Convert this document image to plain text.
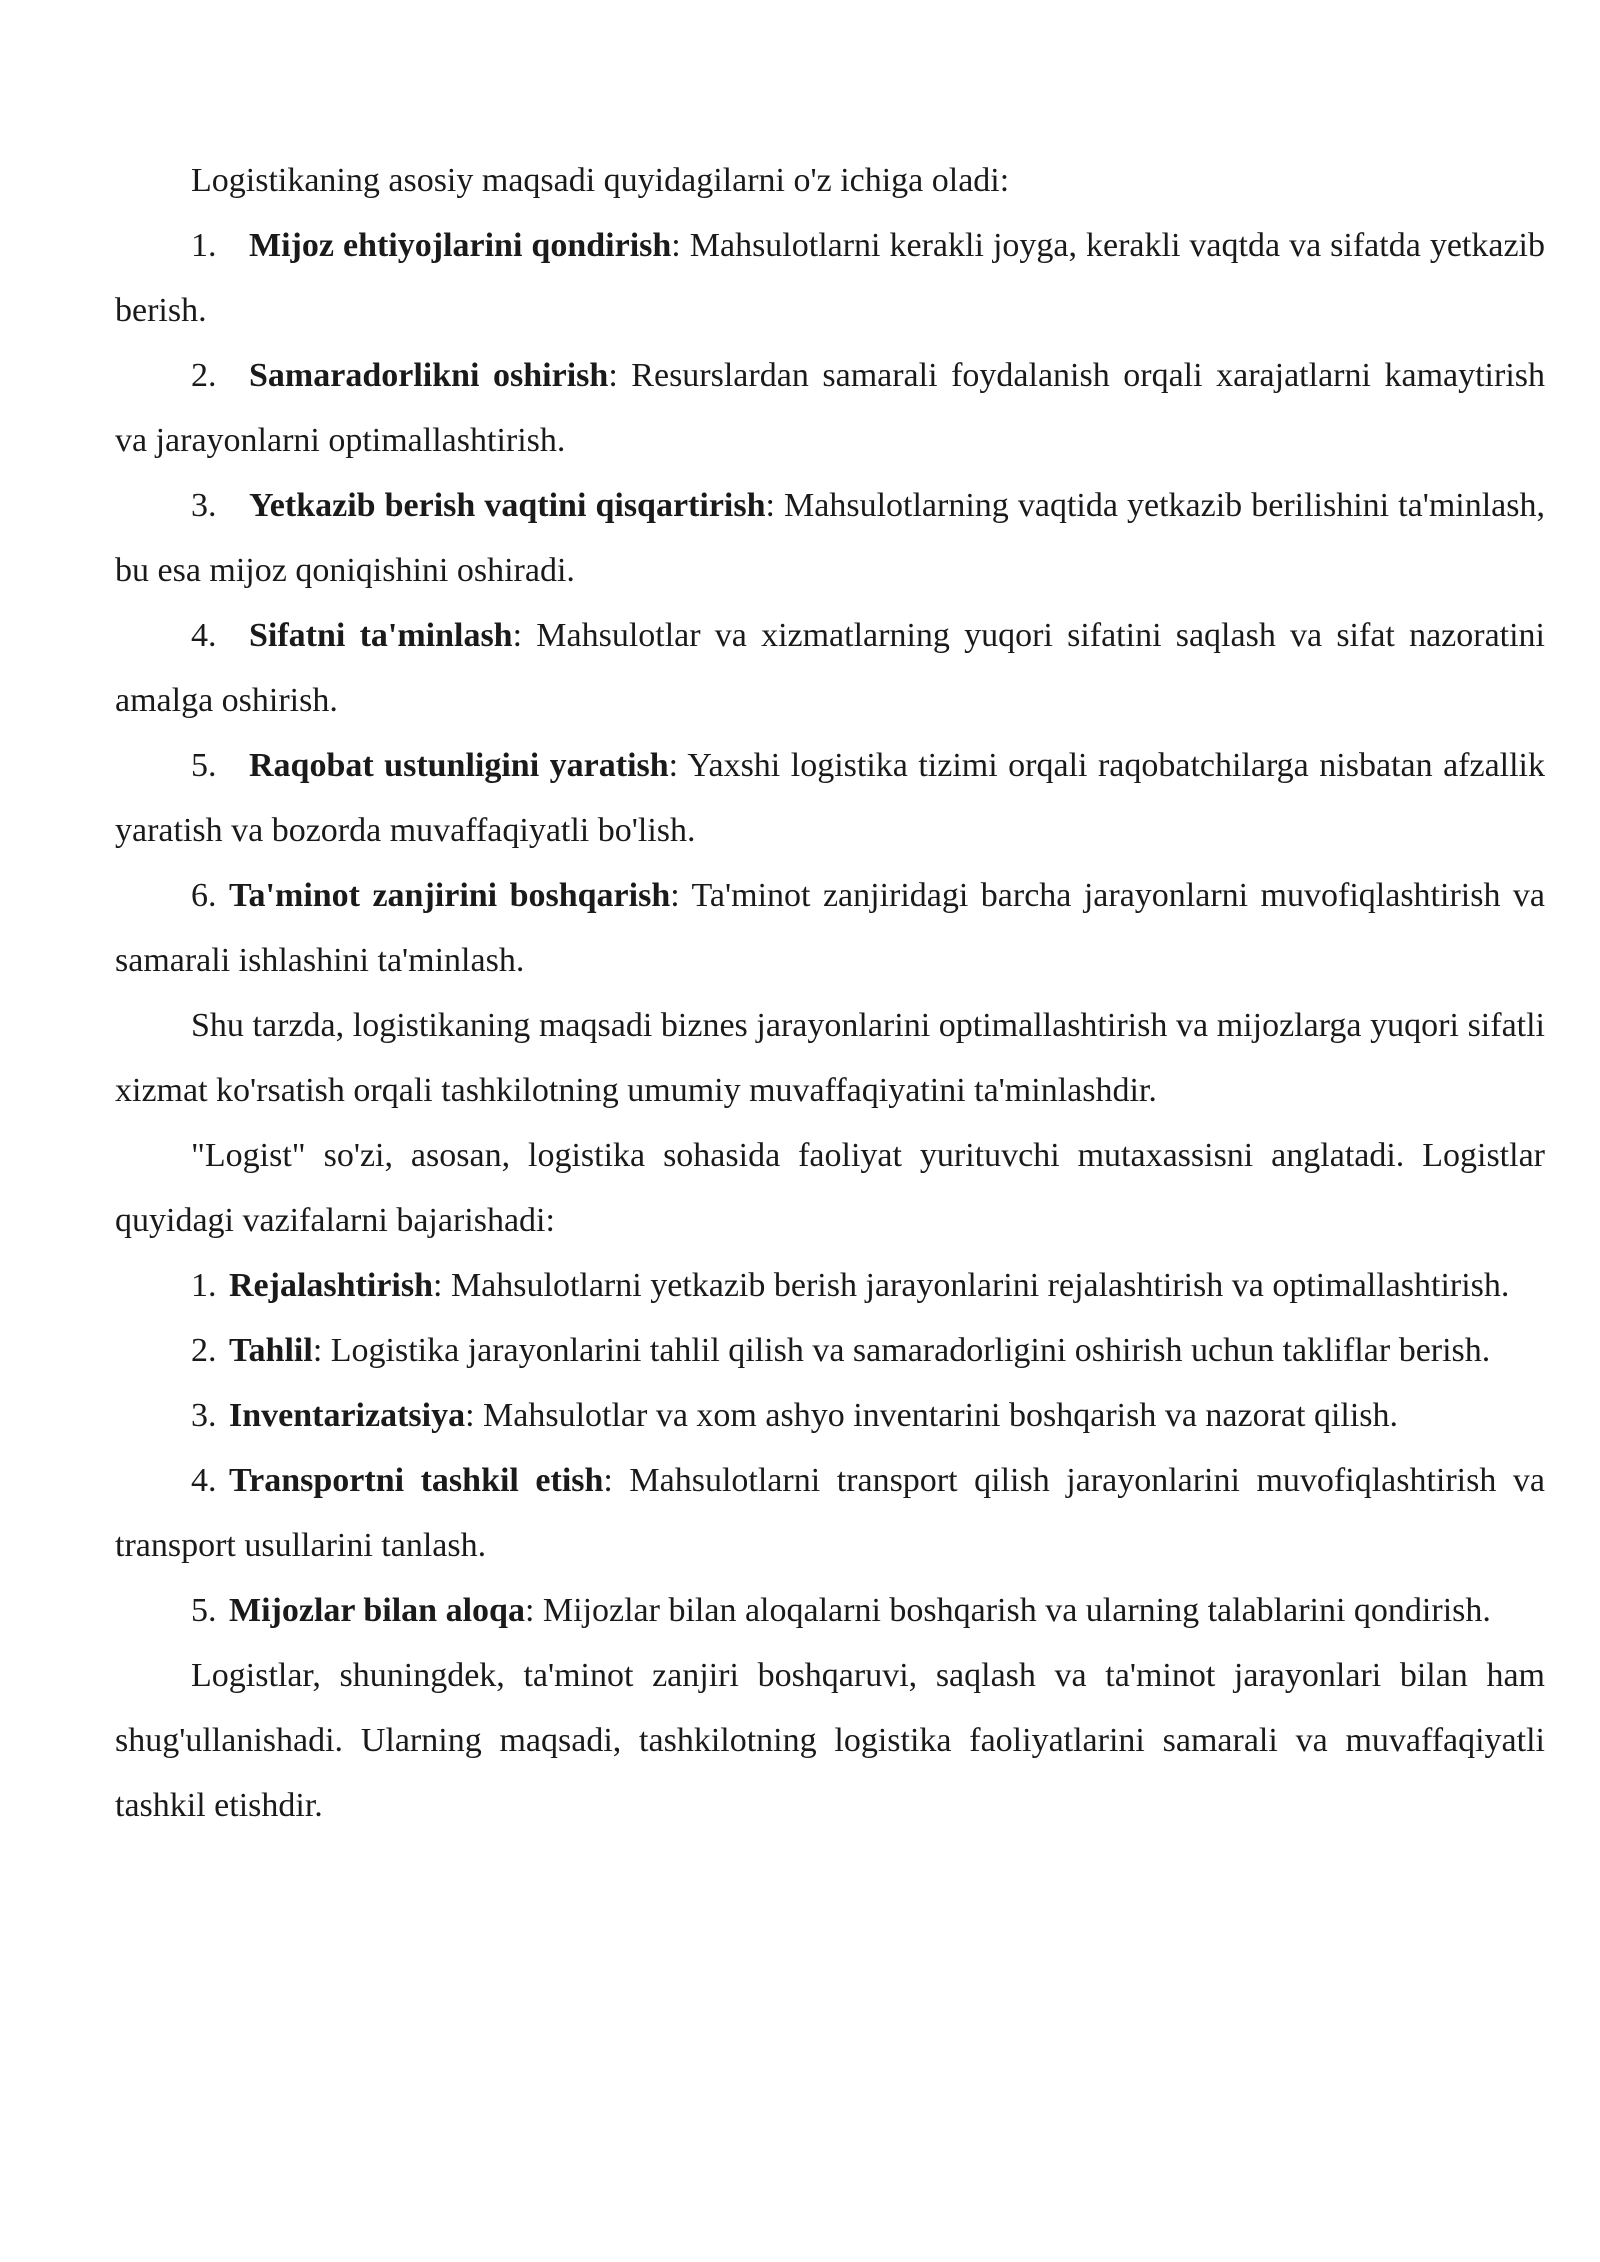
Logistikaning asosiy maqsadi quyidagilarni o'z ichiga oladi:

1. Mijoz ehtiyojlarini qondirish: Mahsulotlarni kerakli joyga, kerakli vaqtda va sifatda yetkazib berish.

2. Samaradorlikni oshirish: Resurslardan samarali foydalanish orqali xarajatlarni kamaytirish va jarayonlarni optimallashtirish.

3. Yetkazib berish vaqtini qisqartirish: Mahsulotlarning vaqtida yetkazib berilishini ta'minlash, bu esa mijoz qoniqishini oshiradi.

4. Sifatni ta'minlash: Mahsulotlar va xizmatlarning yuqori sifatini saqlash va sifat nazoratini amalga oshirish.

5. Raqobat ustunligini yaratish: Yaxshi logistika tizimi orqali raqobatchilarga nisbatan afzallik yaratish va bozorda muvaffaqiyatli bo'lish.

6. Ta'minot zanjirini boshqarish: Ta'minot zanjiridagi barcha jarayonlarni muvofiqlashtirish va samarali ishlashini ta'minlash.

Shu tarzda, logistikaning maqsadi biznes jarayonlarini optimallashtirish va mijozlarga yuqori sifatli xizmat ko'rsatish orqali tashkilotning umumiy muvaffaqiyatini ta'minlashdir.

"Logist" so'zi, asosan, logistika sohasida faoliyat yurituvchi mutaxassisni anglatadi. Logistlar quyidagi vazifalarni bajarishadi:

1. Rejalashtirish: Mahsulotlarni yetkazib berish jarayonlarini rejalashtirish va optimallashtirish.

2. Tahlil: Logistika jarayonlarini tahlil qilish va samaradorligini oshirish uchun takliflar berish.

3. Inventarizatsiya: Mahsulotlar va xom ashyo inventarini boshqarish va nazorat qilish.

4. Transportni tashkil etish: Mahsulotlarni transport qilish jarayonlarini muvofiqlashtirish va transport usullarini tanlash.

5. Mijozlar bilan aloqa: Mijozlar bilan aloqalarni boshqarish va ularning talablarini qondirish.

Logistlar, shuningdek, ta'minot zanjiri boshqaruvi, saqlash va ta'minot jarayonlari bilan ham shug'ullanishadi. Ularning maqsadi, tashkilotning logistika faoliyatlarini samarali va muvaffaqiyatli tashkil etishdir.
